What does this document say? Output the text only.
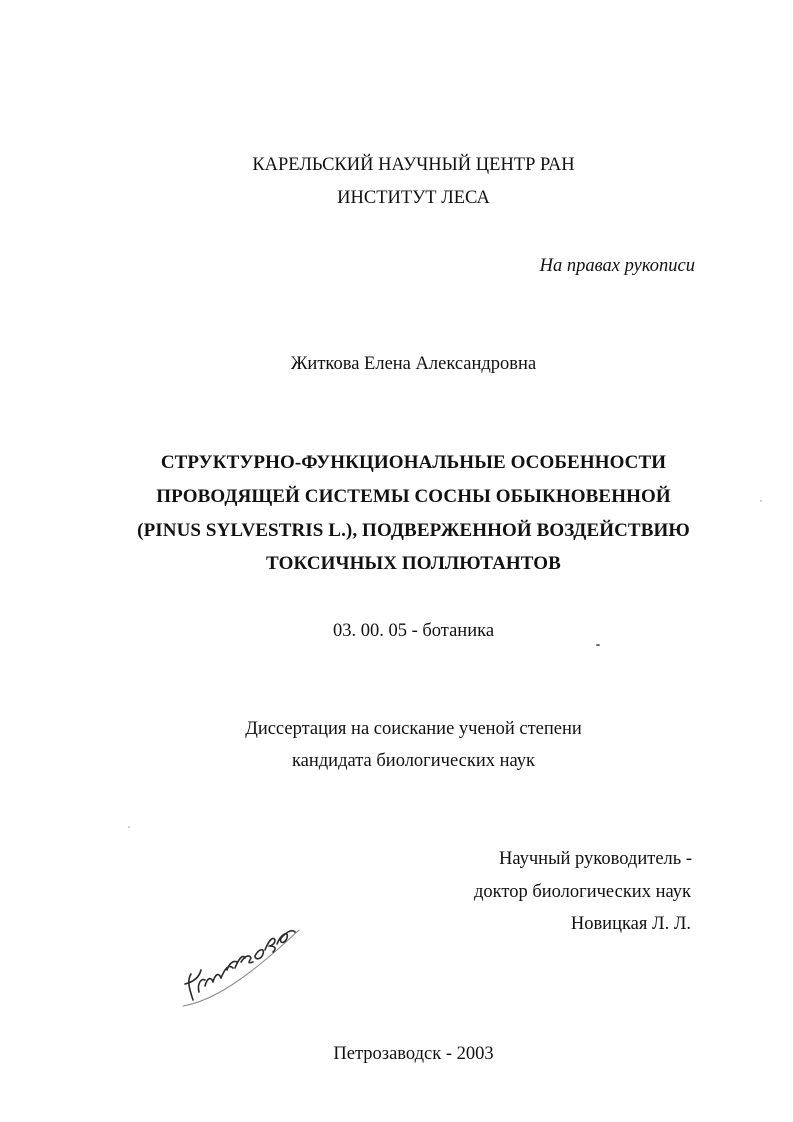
КАРЕЛЬСКИЙ НАУЧНЫЙ ЦЕНТР РАН
ИНСТИТУТ ЛЕСА
На правах рукописи
Житкова Елена Александровна
СТРУКТУРНО-ФУНКЦИОНАЛЬНЫЕ ОСОБЕННОСТИ
ПРОВОДЯЩЕЙ СИСТЕМЫ СОСНЫ ОБЫКНОВЕННОЙ
(PINUS SYLVESTRIS L.), ПОДВЕРЖЕННОЙ ВОЗДЕЙСТВИЮ
ТОКСИЧНЫХ ПОЛЛЮТАНТОВ
03. 00. 05 - ботаника
Диссертация на соискание ученой степени
кандидата биологических наук
Научный руководитель -
доктор биологических наук
Новицкая Л. Л.
Петрозаводск - 2003
